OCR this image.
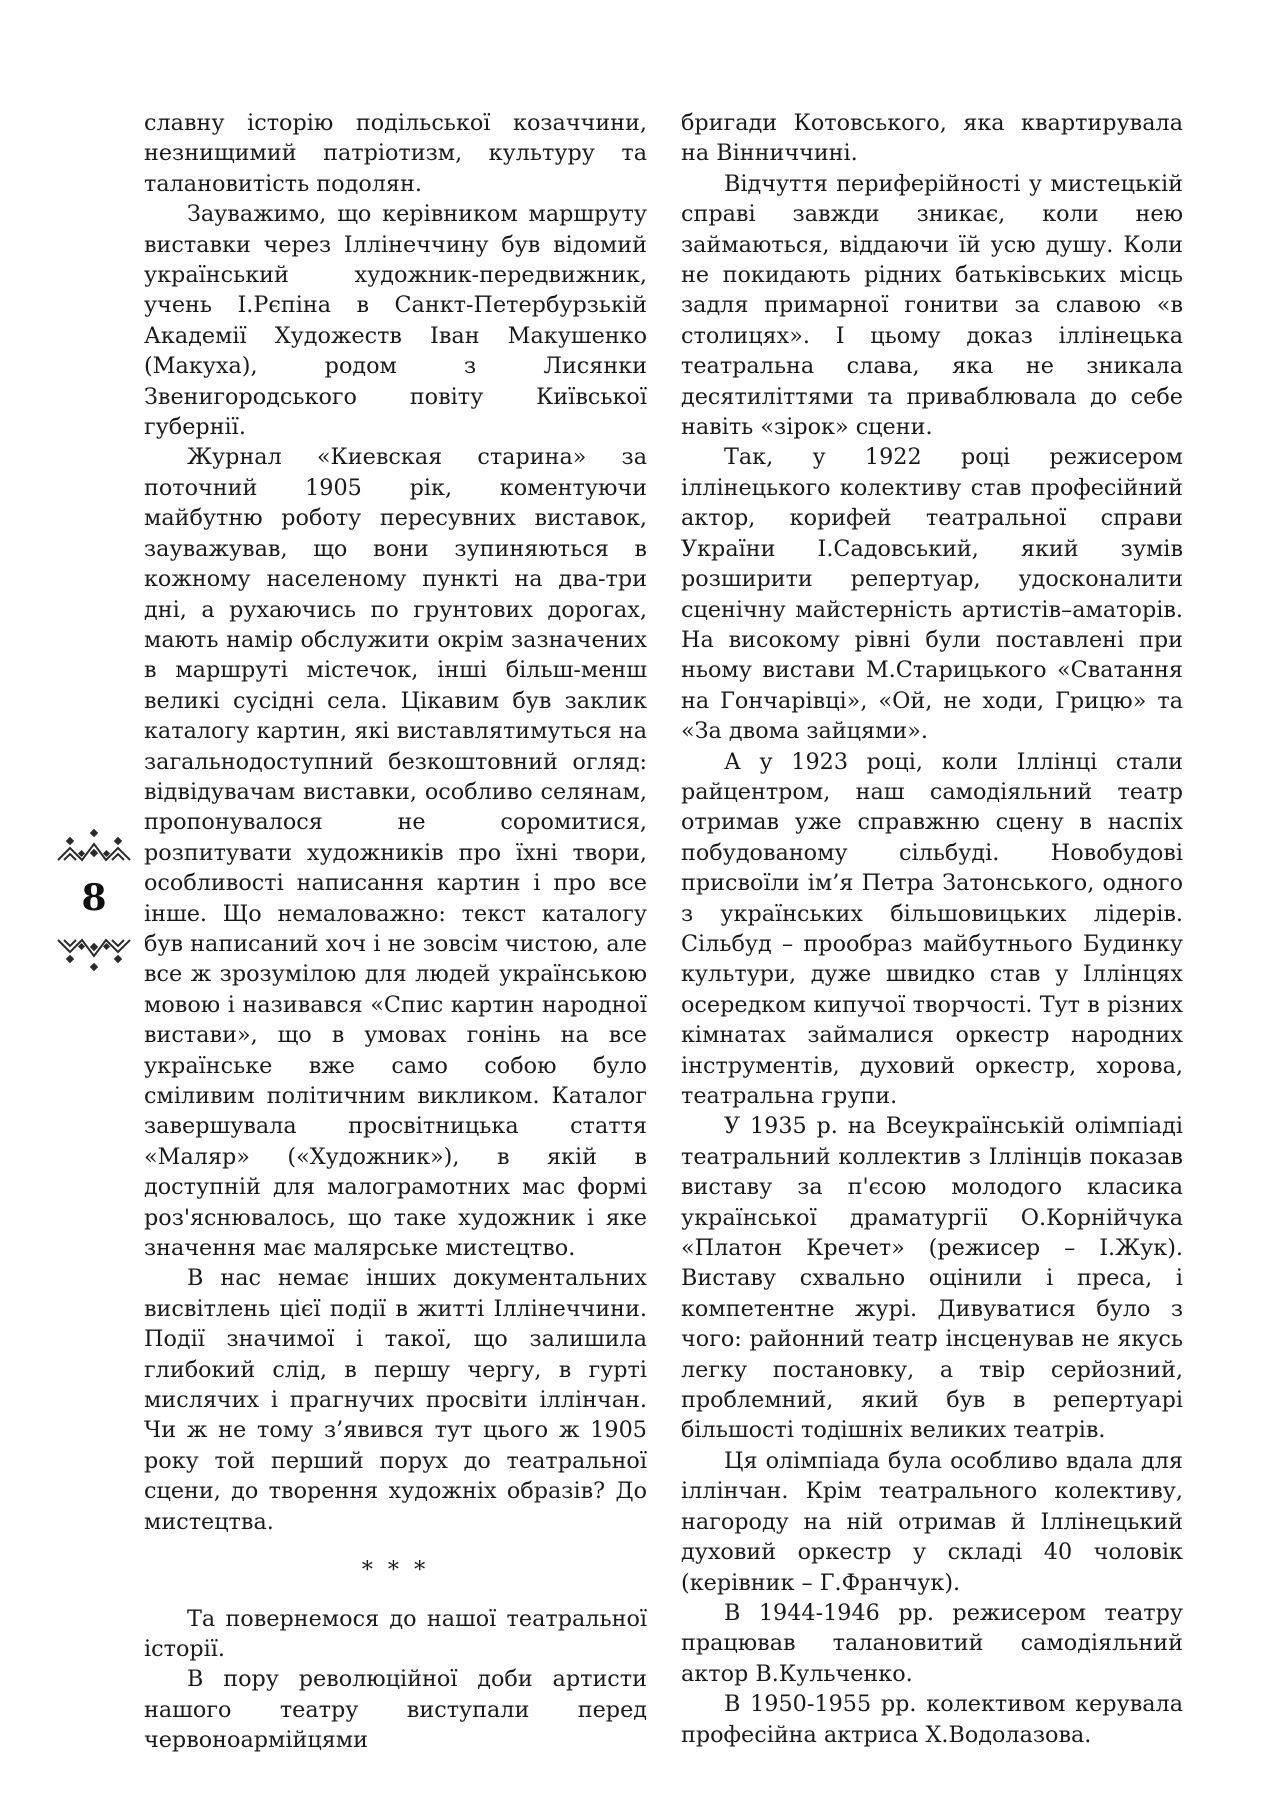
8

славну історію подільської козаччини, незнищимий патріотизм, культуру та талановитість подолян.

Зауважимо, що керівником маршруту виставки через Іллінеччину був відомий український художник-передвижник, учень І.Рєпіна в Санкт-Петербурзькій Академії Художеств Іван Макушенко (Макуха), родом з Лисянки Звенигородського повіту Київської губернії.

Журнал «Киевская старина» за поточний 1905 рік, коментуючи майбутню роботу пересувних виставок, зауважував, що вони зупиняються в кожному населеному пункті на два-три дні, а рухаючись по грунтових дорогах, мають намір обслужити окрім зазначених в маршруті містечок, інші більш-менш великі сусідні села. Цікавим був заклик каталогу картин, які виставлятимуться на загальнодоступний безкоштовний огляд: відвідувачам виставки, особливо селянам, пропонувалося не соромитися, розпитувати художників про їхні твори, особливості написання картин і про все інше. Що немаловажно: текст каталогу був написаний хоч і не зовсім чистою, але все ж зрозумілою для людей українською мовою і називався «Спис картин народної вистави», що в умовах гонінь на все українське вже само собою було сміливим політичним викликом. Каталог завершувала просвітницька стаття «Маляр» («Художник»), в якій в доступній для малограмотних мас формі роз'яснювалось, що таке художник і яке значення має малярське мистецтво.

В нас немає інших документальних висвітлень цієї події в житті Іллінеччини. Події значимої і такої, що залишила глибокий слід, в першу чергу, в гурті мислячих і прагнучих просвіти іллінчан. Чи ж не тому з’явився тут цього ж 1905 року той перший порух до театральної сцени, до творення художніх образів? До мистецтва.

* * *

Та повернемося до нашої театральної історії.

В пору революційної доби артисти нашого театру виступали перед червоноармійцями

бригади Котовського, яка квартирувала на Вінниччині.

Відчуття периферійності у мистецькій справі завжди зникає, коли нею займаються, віддаючи їй усю душу. Коли не покидають рідних батьківських місць задля примарної гонитви за славою «в столицях». І цьому доказ іллінецька театральна слава, яка не зникала десятиліттями та приваблювала до себе навіть «зірок» сцени.

Так, у 1922 році режисером іллінецького колективу став професійний актор, корифей театральної справи України І.Садовський, який зумів розширити репертуар, удосконалити сценічну майстерність артистів–аматорів. На високому рівні були поставлені при ньому вистави М.Старицького «Сватання на Гончарівці», «Ой, не ходи, Грицю» та «За двома зайцями».

А у 1923 році, коли Іллінці стали райцентром, наш самодіяльний театр отримав уже справжню сцену в наспіх побудованому сільбуді. Новобудові присвоїли ім’я Петра Затонського, одного з українських більшовицьких лідерів. Сільбуд – прообраз майбутнього Будинку культури, дуже швидко став у Іллінцях осередком кипучої творчості. Тут в різних кімнатах займалися оркестр народних інструментів, духовий оркестр, хорова, театральна групи.

У 1935 р. на Всеукраїнській олімпіаді театральний коллектив з Іллінців показав виставу за п'єсою молодого класика української драматургії О.Корнійчука «Платон Кречет» (режисер – І.Жук). Виставу схвально оцінили і преса, і компетентне журі. Дивуватися було з чого: районний театр інсценував не якусь легку постановку, а твір серйозний, проблемний, який був в репертуарі більшості тодішніх великих театрів.

Ця олімпіада була особливо вдала для іллінчан. Крім театрального колективу, нагороду на ній отримав й Іллінецький духовий оркестр у складі 40 чоловік (керівник – Г.Франчук).

В 1944-1946 рр. режисером театру працював талановитий самодіяльний актор В.Кульченко.

В 1950-1955 рр. колективом керувала професійна актриса Х.Водолазова.
